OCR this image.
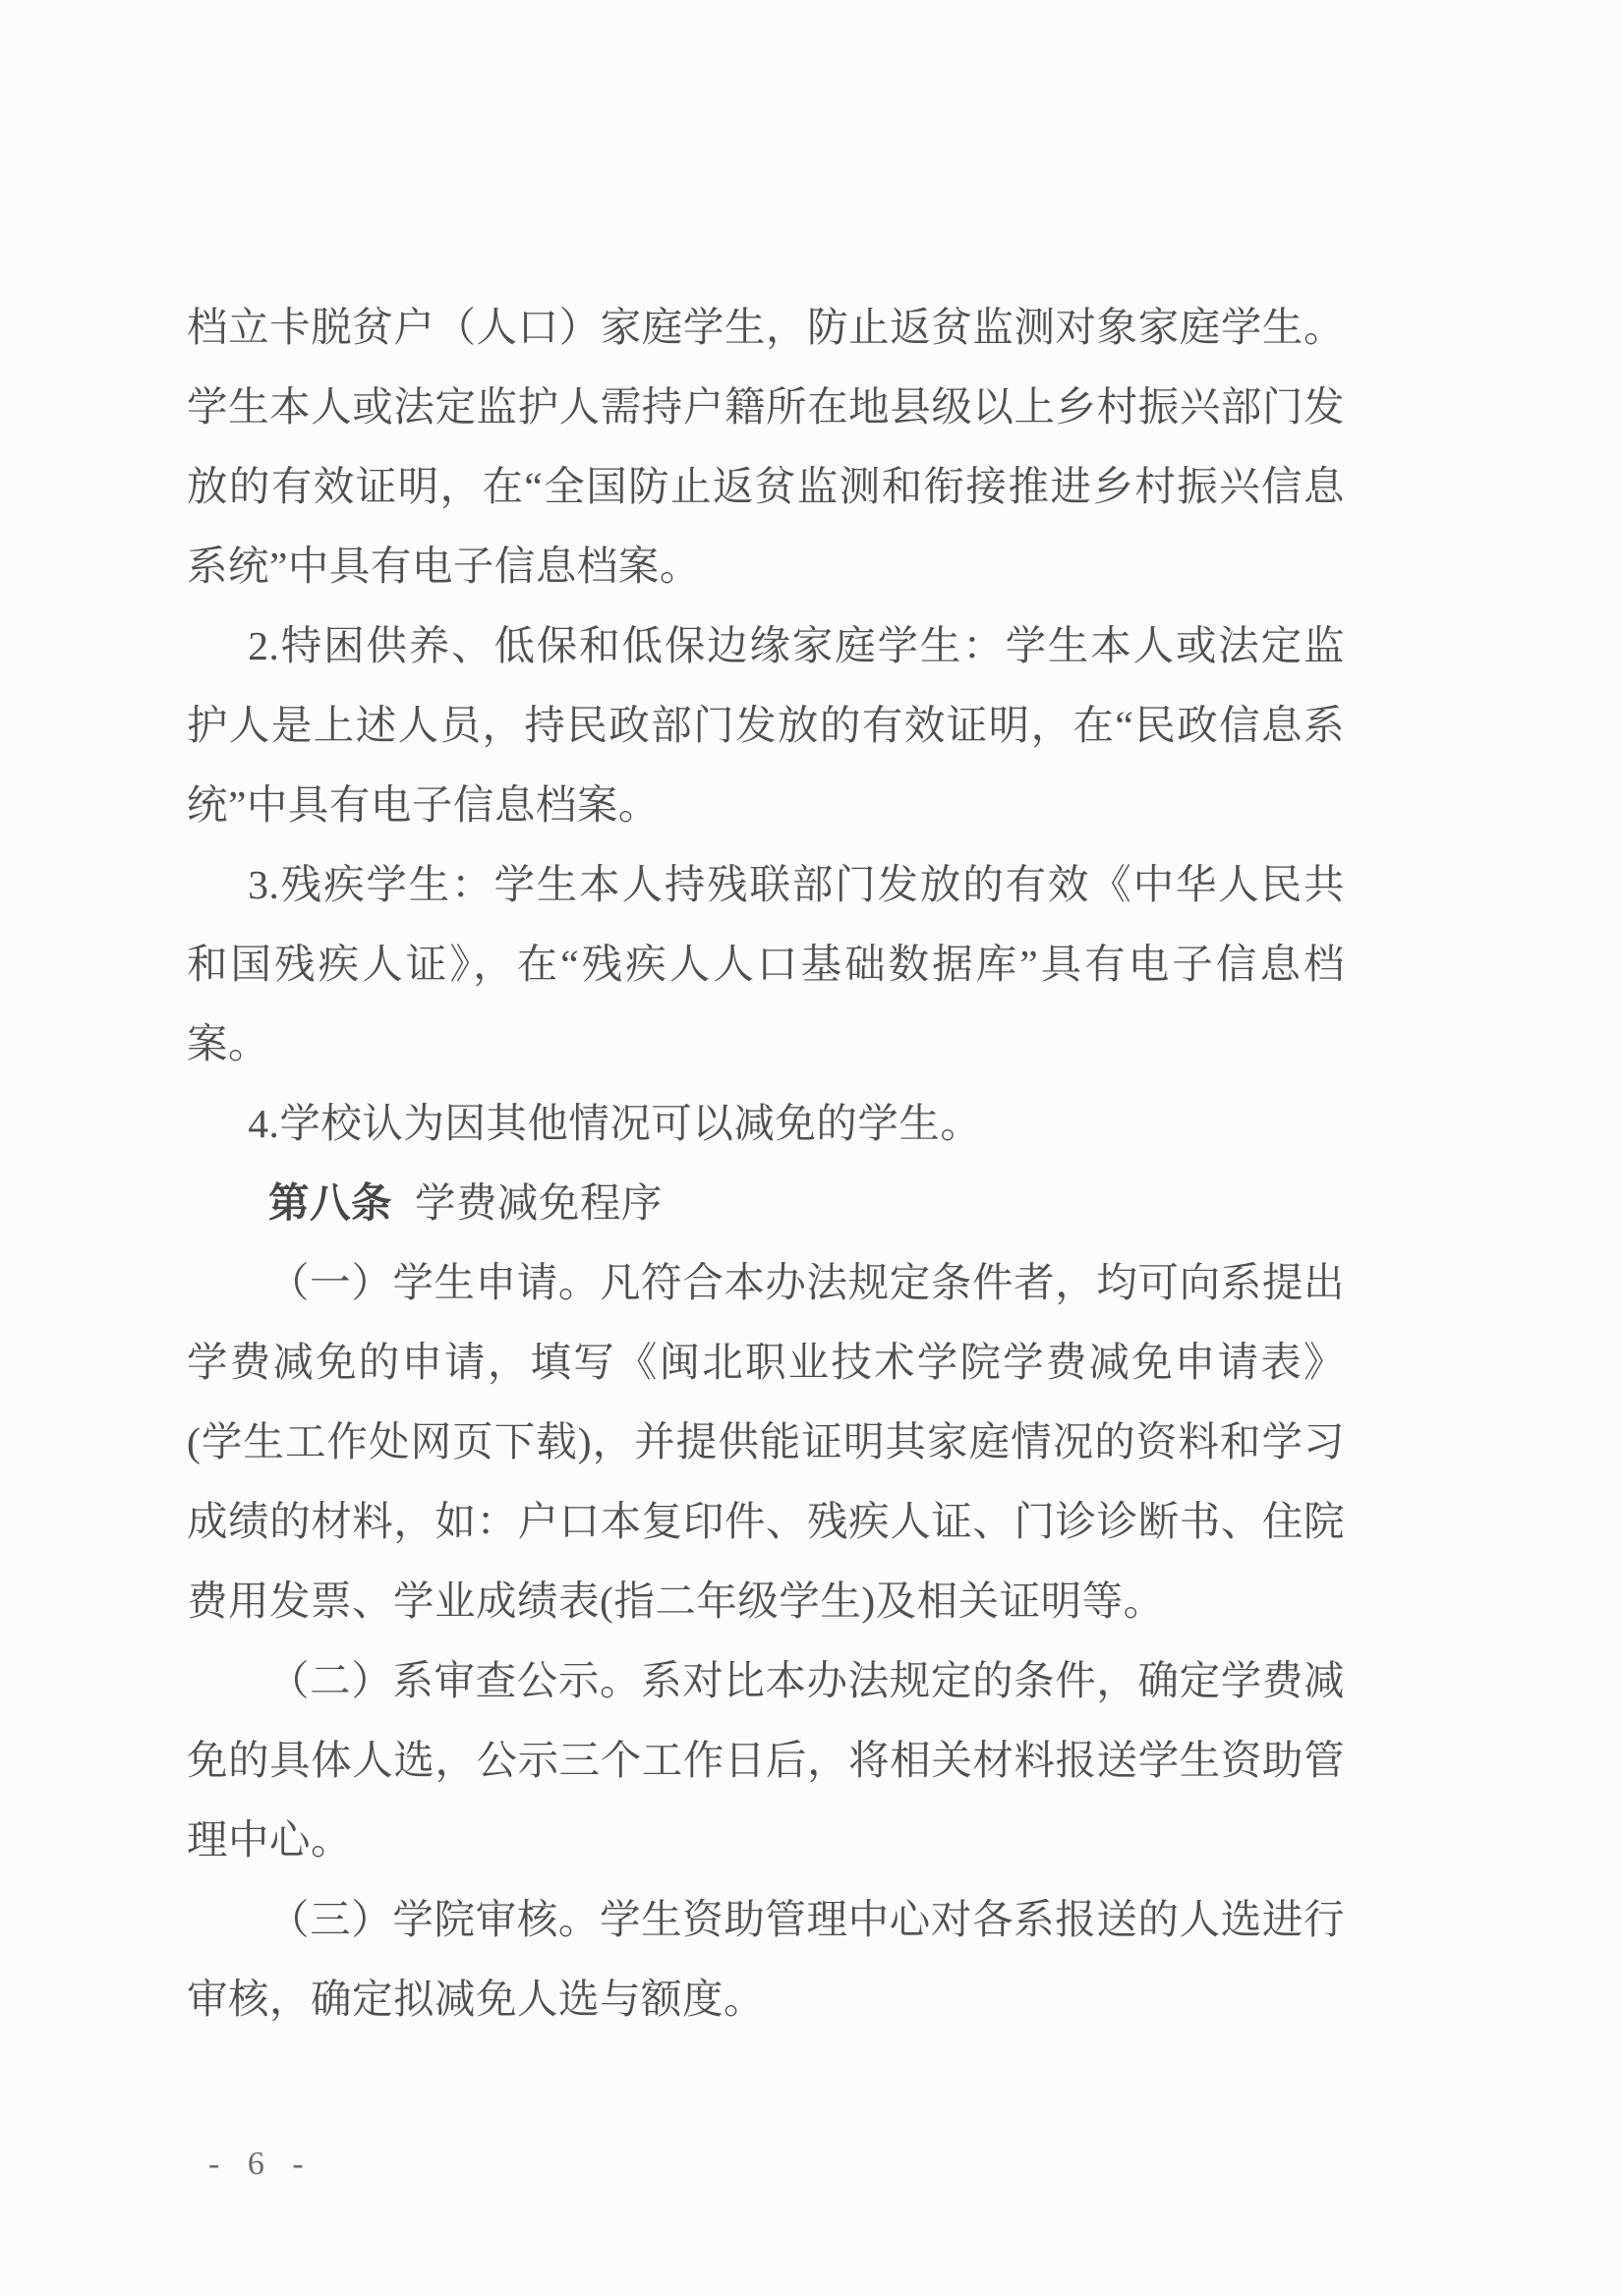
档立卡脱贫户（人口）家庭学生，防止返贫监测对象家庭学生。学生本人或法定监护人需持户籍所在地县级以上乡村振兴部门发放的有效证明，在“全国防止返贫监测和衔接推进乡村振兴信息系统”中具有电子信息档案。

2.特困供养、低保和低保边缘家庭学生：学生本人或法定监护人是上述人员，持民政部门发放的有效证明，在“民政信息系统”中具有电子信息档案。

3.残疾学生：学生本人持残联部门发放的有效《中华人民共和国残疾人证》，在“残疾人人口基础数据库”具有电子信息档案。

4.学校认为因其他情况可以减免的学生。

第八条 学费减免程序

（一）学生申请。凡符合本办法规定条件者，均可向系提出学费减免的申请，填写《闽北职业技术学院学费减免申请表》(学生工作处网页下载)，并提供能证明其家庭情况的资料和学习成绩的材料，如：户口本复印件、残疾人证、门诊诊断书、住院费用发票、学业成绩表(指二年级学生)及相关证明等。

（二）系审查公示。系对比本办法规定的条件，确定学费减免的具体人选，公示三个工作日后，将相关材料报送学生资助管理中心。

（三）学院审核。学生资助管理中心对各系报送的人选进行审核，确定拟减免人选与额度。

- 6 -
